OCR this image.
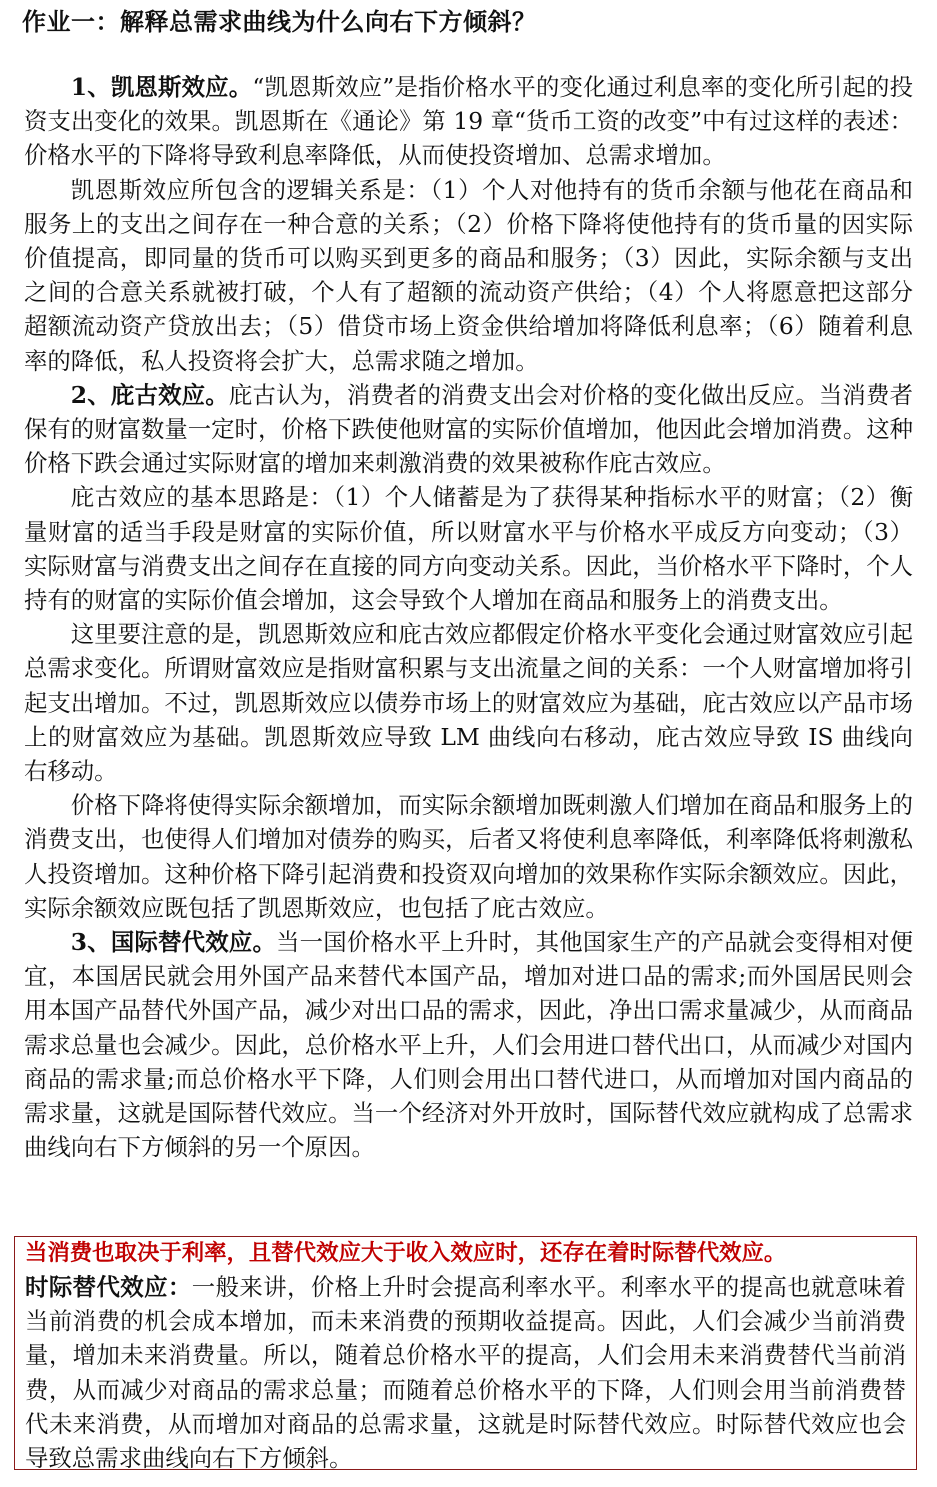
作业一：解释总需求曲线为什么向右下方倾斜？

1、凯恩斯效应。“凯恩斯效应”是指价格水平的变化通过利息率的变化所引起的投资支出变化的效果。凯恩斯在《通论》第 19 章“货币工资的改变”中有过这样的表述：价格水平的下降将导致利息率降低，从而使投资增加、总需求增加。

凯恩斯效应所包含的逻辑关系是：（1）个人对他持有的货币余额与他花在商品和服务上的支出之间存在一种合意的关系；（2）价格下降将使他持有的货币量的因实际价值提高，即同量的货币可以购买到更多的商品和服务；（3）因此，实际余额与支出之间的合意关系就被打破，个人有了超额的流动资产供给；（4）个人将愿意把这部分超额流动资产贷放出去；（5）借贷市场上资金供给增加将降低利息率；（6）随着利息率的降低，私人投资将会扩大，总需求随之增加。

2、庇古效应。庇古认为，消费者的消费支出会对价格的变化做出反应。当消费者保有的财富数量一定时，价格下跌使他财富的实际价值增加，他因此会增加消费。这种价格下跌会通过实际财富的增加来刺激消费的效果被称作庇古效应。

庇古效应的基本思路是：（1）个人储蓄是为了获得某种指标水平的财富；（2）衡量财富的适当手段是财富的实际价值，所以财富水平与价格水平成反方向变动；（3）实际财富与消费支出之间存在直接的同方向变动关系。因此，当价格水平下降时，个人持有的财富的实际价值会增加，这会导致个人增加在商品和服务上的消费支出。

这里要注意的是，凯恩斯效应和庇古效应都假定价格水平变化会通过财富效应引起总需求变化。所谓财富效应是指财富积累与支出流量之间的关系：一个人财富增加将引起支出增加。不过，凯恩斯效应以债券市场上的财富效应为基础，庇古效应以产品市场上的财富效应为基础。凯恩斯效应导致 LM 曲线向右移动，庇古效应导致 IS 曲线向右移动。

价格下降将使得实际余额增加，而实际余额增加既刺激人们增加在商品和服务上的消费支出，也使得人们增加对债券的购买，后者又将使利息率降低，利率降低将刺激私人投资增加。这种价格下降引起消费和投资双向增加的效果称作实际余额效应。因此，实际余额效应既包括了凯恩斯效应，也包括了庇古效应。

3、国际替代效应。当一国价格水平上升时，其他国家生产的产品就会变得相对便宜，本国居民就会用外国产品来替代本国产品，增加对进口品的需求;而外国居民则会用本国产品替代外国产品，减少对出口品的需求，因此，净出口需求量减少，从而商品需求总量也会减少。因此，总价格水平上升，人们会用进口替代出口，从而减少对国内商品的需求量;而总价格水平下降，人们则会用出口替代进口，从而增加对国内商品的需求量，这就是国际替代效应。当一个经济对外开放时，国际替代效应就构成了总需求曲线向右下方倾斜的另一个原因。

当消费也取决于利率，且替代效应大于收入效应时，还存在着时际替代效应。

时际替代效应：一般来讲，价格上升时会提高利率水平。利率水平的提高也就意味着当前消费的机会成本增加，而未来消费的预期收益提高。因此，人们会减少当前消费量，增加未来消费量。所以，随着总价格水平的提高，人们会用未来消费替代当前消费，从而减少对商品的需求总量；而随着总价格水平的下降，人们则会用当前消费替代未来消费，从而增加对商品的总需求量，这就是时际替代效应。时际替代效应也会导致总需求曲线向右下方倾斜。
